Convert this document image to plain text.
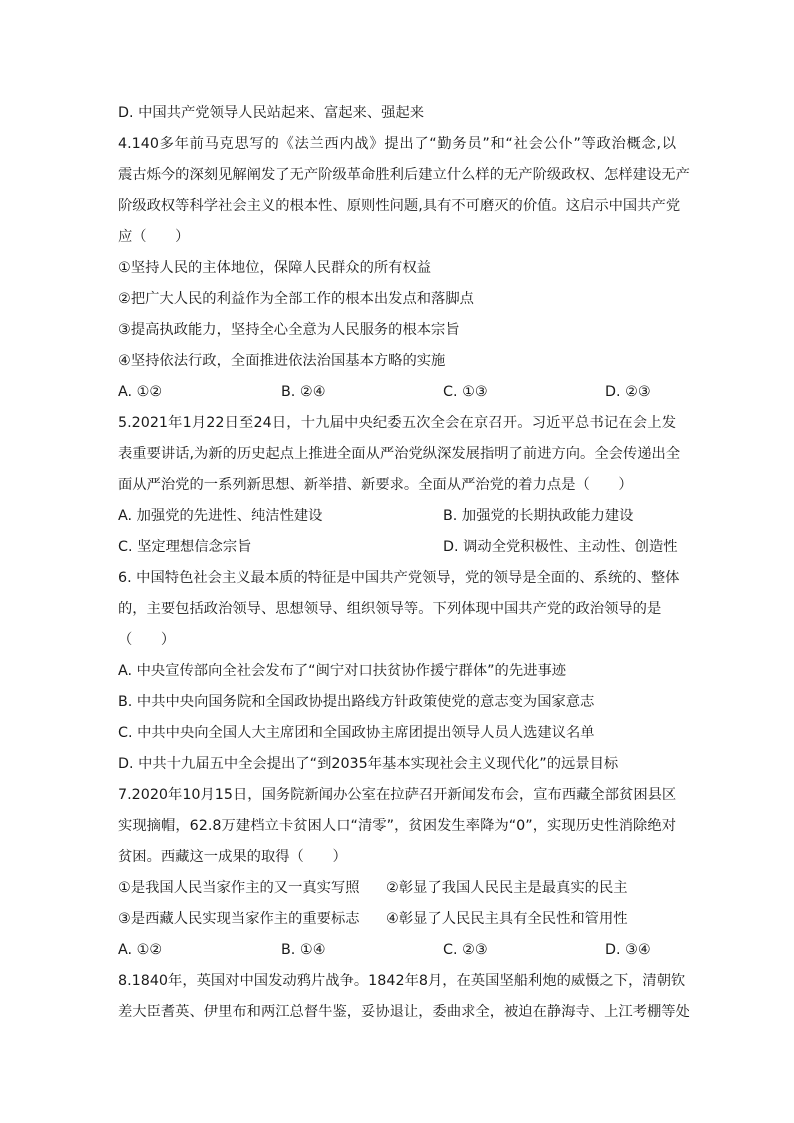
D. 中国共产党领导人民站起来、富起来、强起来
4.140多年前马克思写的《法兰西内战》提出了“勤务员”和“社会公仆”等政治概念,以
震古烁今的深刻见解阐发了无产阶级革命胜利后建立什么样的无产阶级政权、怎样建设无产
阶级政权等科学社会主义的根本性、原则性问题,具有不可磨灭的价值。这启示中国共产党
应（　　）
①坚持人民的主体地位，保障人民群众的所有权益
②把广大人民的利益作为全部工作的根本出发点和落脚点
③提高执政能力，坚持全心全意为人民服务的根本宗旨
④坚持依法行政，全面推进依法治国基本方略的实施
A. ①②	B. ②④	C. ①③	D. ②③
5.2021年1月22日至24日，十九届中央纪委五次全会在京召开。习近平总书记在会上发
表重要讲话,为新的历史起点上推进全面从严治党纵深发展指明了前进方向。全会传递出全
面从严治党的一系列新思想、新举措、新要求。全面从严治党的着力点是（　　）
A. 加强党的先进性、纯洁性建设	B. 加强党的长期执政能力建设
C. 坚定理想信念宗旨	D. 调动全党积极性、主动性、创造性
6. 中国特色社会主义最本质的特征是中国共产党领导，党的领导是全面的、系统的、整体
的，主要包括政治领导、思想领导、组织领导等。下列体现中国共产党的政治领导的是
（　　）
A. 中央宣传部向全社会发布了“闽宁对口扶贫协作援宁群体”的先进事迹
B. 中共中央向国务院和全国政协提出路线方针政策使党的意志变为国家意志
C. 中共中央向全国人大主席团和全国政协主席团提出领导人员人选建议名单
D. 中共十九届五中全会提出了“到2035年基本实现社会主义现代化”的远景目标
7.2020年10月15日，国务院新闻办公室在拉萨召开新闻发布会，宣布西藏全部贫困县区
实现摘帽，62.8万建档立卡贫困人口“清零”，贫困发生率降为“0”，实现历史性消除绝对
贫困。西藏这一成果的取得（　　）
①是我国人民当家作主的又一真实写照 ②彰显了我国人民民主是最真实的民主
③是西藏人民实现当家作主的重要标志 ④彰显了人民民主具有全民性和管用性
A. ①②	B. ①④	C. ②③	D. ③④
8.1840年，英国对中国发动鸦片战争。1842年8月，在英国坚船利炮的威慑之下，清朝钦
差大臣耆英、伊里布和两江总督牛鉴，妥协退让，委曲求全，被迫在静海寺、上江考棚等处
